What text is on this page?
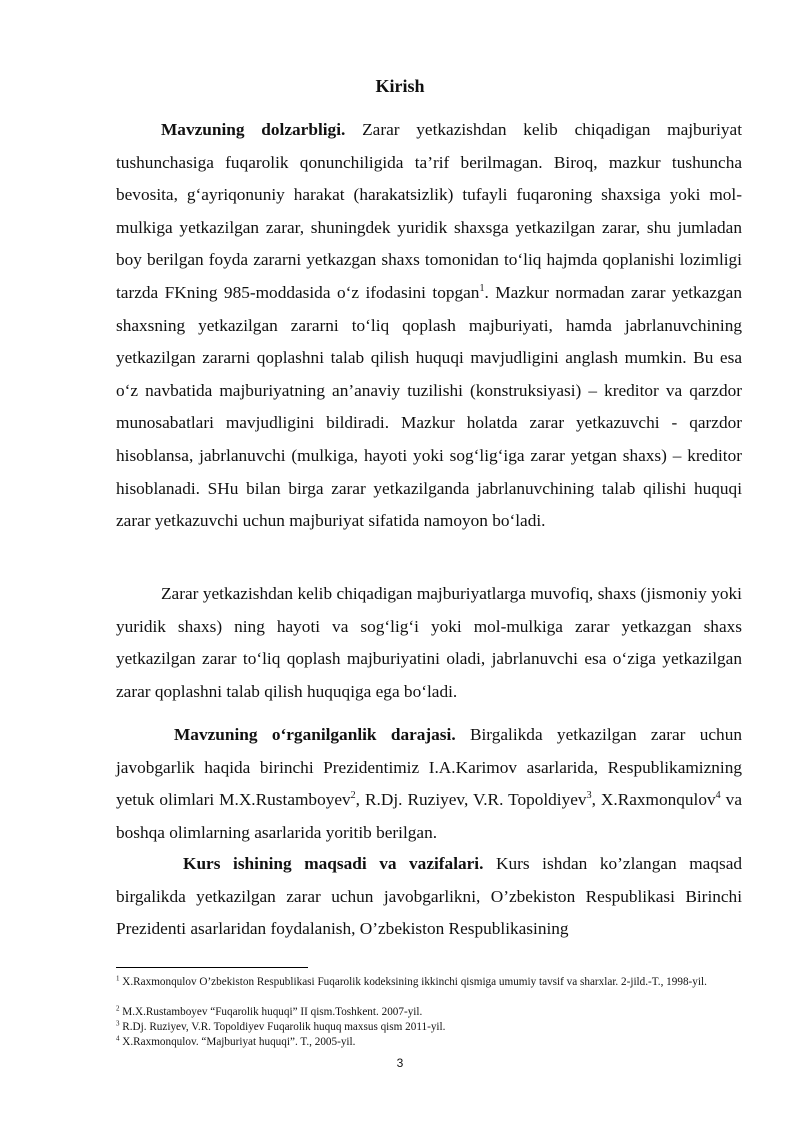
Kirish

Mavzuning dolzarbligi. Zarar yetkazishdan kelib chiqadigan majburiyat tushunchasiga fuqarolik qonunchiligida ta’rif berilmagan. Biroq, mazkur tushuncha bevosita, g‘ayriqonuniy harakat (harakatsizlik) tufayli fuqaroning shaxsiga yoki mol-mulkiga yetkazilgan zarar, shuningdek yuridik shaxsga yetkazilgan zarar, shu jumladan boy berilgan foyda zararni yetkazgan shaxs tomonidan to‘liq hajmda qoplanishi lozimligi tarzda FKning 985-moddasida o‘z ifodasini topgan$^1$. Mazkur normadan zarar yetkazgan shaxsning yetkazilgan zararni to‘liq qoplash majburiyati, hamda jabrlanuvchining yetkazilgan zararni qoplashni talab qilish huquqi mavjudligini anglash mumkin. Bu esa o‘z navbatida majburiyatning an’anaviy tuzilishi (konstruksiyasi) – kreditor va qarzdor munosabatlari mavjudligini bildiradi. Mazkur holatda zarar yetkazuvchi - qarzdor hisoblansa, jabrlanuvchi (mulkiga, hayoti yoki sog‘lig‘iga zarar yetgan shaxs) – kreditor hisoblanadi. SHu bilan birga zarar yetkazilganda jabrlanuvchining talab qilishi huquqi zarar yetkazuvchi uchun majburiyat sifatida namoyon bo‘ladi.

Zarar yetkazishdan kelib chiqadigan majburiyatlarga muvofiq, shaxs (jismoniy yoki yuridik shaxs) ning hayoti va sog‘lig‘i yoki mol-mulkiga zarar yetkazgan shaxs yetkazilgan zarar to‘liq qoplash majburiyatini oladi, jabrlanuvchi esa o‘ziga yetkazilgan zarar qoplashni talab qilish huquqiga ega bo‘ladi.

Mavzuning o‘rganilganlik darajasi. Birgalikda yetkazilgan zarar uchun javobgarlik haqida birinchi Prezidentimiz I.A.Karimov asarlarida, Respublikamizning yetuk olimlari M.X.Rustamboyev$^2$, R.Dj. Ruziyev, V.R. Topoldiyev$^3$, X.Raxmonqulov$^4$ va boshqa olimlarning asarlarida yoritib berilgan.

Kurs ishining maqsadi va vazifalari. Kurs ishdan ko’zlangan maqsad birgalikda yetkazilgan zarar uchun javobgarlikni, O’zbekiston Respublikasi Birinchi Prezidenti asarlaridan foydalanish, O’zbekiston Respublikasining

$^1$ X.Raxmonqulov O’zbekiston Respublikasi Fuqarolik kodeksining ikkinchi qismiga umumiy tavsif va sharxlar. 2-jild.-T., 1998-yil.

$^2$ M.X.Rustamboyev “Fuqarolik huquqi” II qism.Toshkent. 2007-yil.

$^3$ R.Dj. Ruziyev, V.R. Topoldiyev Fuqarolik huquq maxsus qism 2011-yil.

$^4$ X.Raxmonqulov. “Majburiyat huquqi”. T., 2005-yil.

3
